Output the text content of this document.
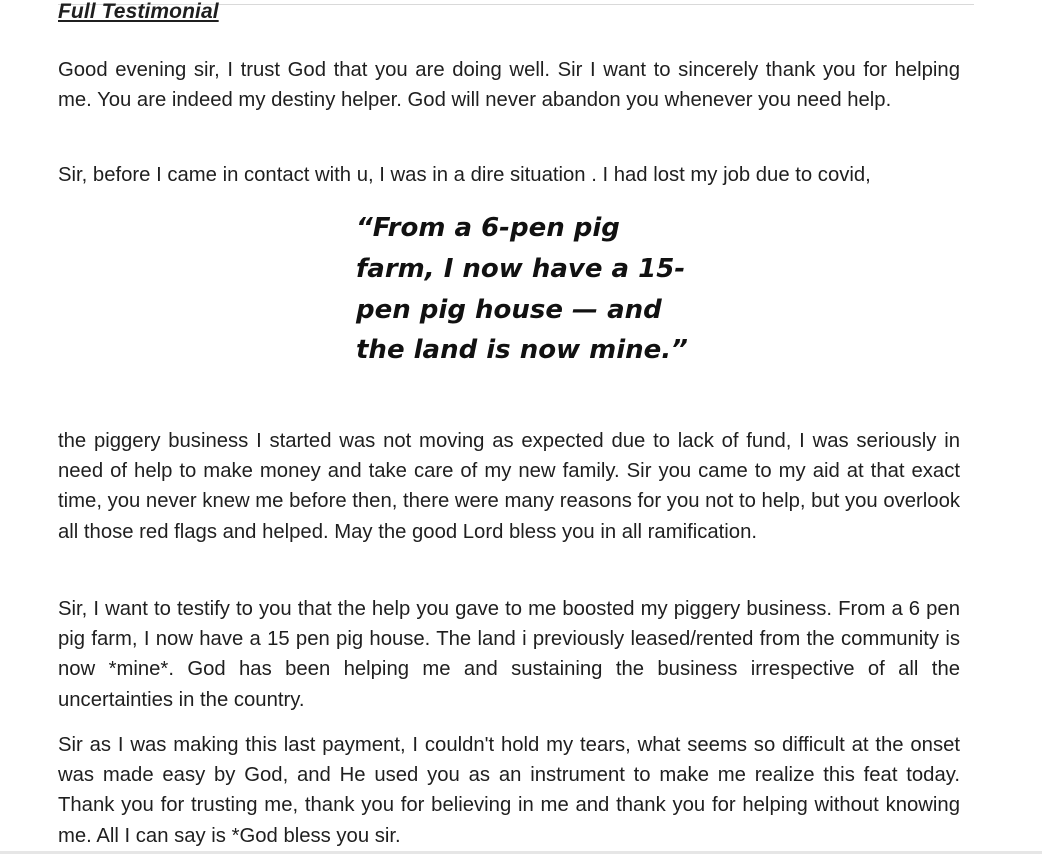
Full Testimonial

Good evening sir, I trust God that you are doing well. Sir I want to sincerely thank you for helping me. You are indeed my destiny helper. God will never abandon you whenever you need help.

Sir, before I came in contact with u, I was in a dire situation . I had lost my job due to covid,

“From a 6-pen pig farm, I now have a 15-pen pig house — and the land is now mine.”

the piggery business I started was not moving as expected due to lack of fund, I was seriously in need of help to make money and take care of my new family. Sir you came to my aid at that exact time, you never knew me before then, there were many reasons for you not to help, but you overlook all those red flags and helped. May the good Lord bless you in all ramification.

Sir, I want to testify to you that the help you gave to me boosted my piggery business. From a 6 pen pig farm, I now have a 15 pen pig house. The land i previously leased/rented from the community is now *mine*. God has been helping me and sustaining the business irrespective of all the uncertainties in the country.

Sir as I was making this last payment, I couldn't hold my tears, what seems so difficult at the onset was made easy by God, and He used you as an instrument to make me realize this feat today. Thank you for trusting me, thank you for believing in me and thank you for helping without knowing me. All I can say is *God bless you sir.
